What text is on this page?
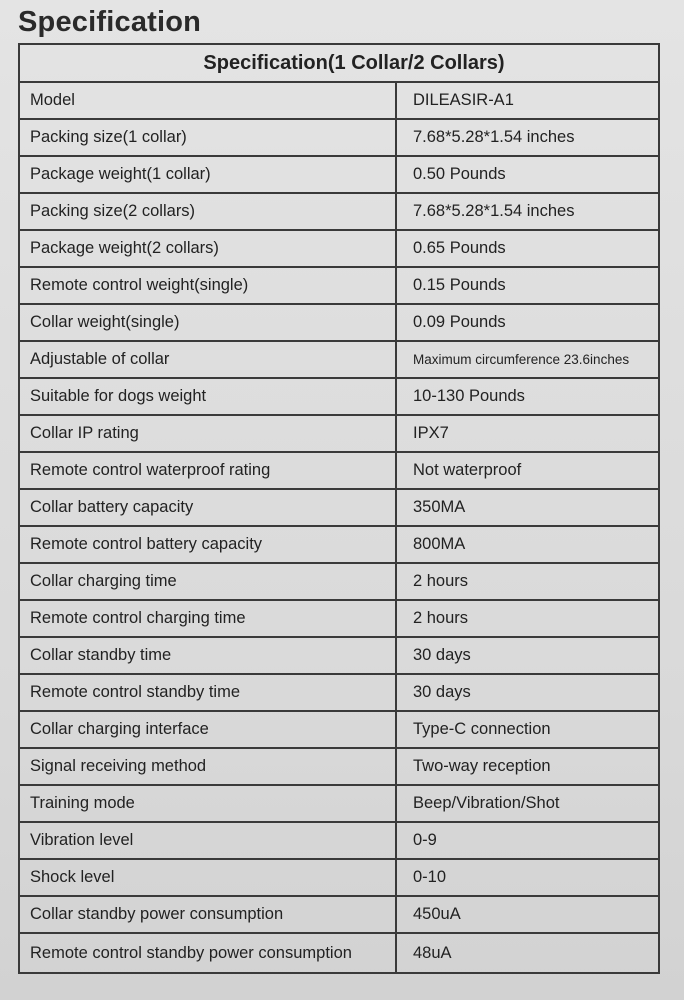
Specification
Specification(1 Collar/2 Collars)
Model	DILEASIR-A1
Packing size(1 collar)	7.68*5.28*1.54 inches
Package weight(1 collar)	0.50 Pounds
Packing size(2 collars)	7.68*5.28*1.54 inches
Package weight(2 collars)	0.65 Pounds
Remote control weight(single)	0.15 Pounds
Collar weight(single)	0.09 Pounds
Adjustable of collar	Maximum circumference 23.6inches
Suitable for dogs weight	10-130 Pounds
Collar IP rating	IPX7
Remote control waterproof rating	Not waterproof
Collar battery capacity	350MA
Remote control battery capacity	800MA
Collar charging time	2 hours
Remote control charging time	2 hours
Collar standby time	30 days
Remote control standby time	30 days
Collar charging interface	Type-C connection
Signal receiving method	Two-way reception
Training mode	Beep/Vibration/Shot
Vibration level	0-9
Shock level	0-10
Collar standby power consumption	450uA
Remote control standby power consumption	48uA
